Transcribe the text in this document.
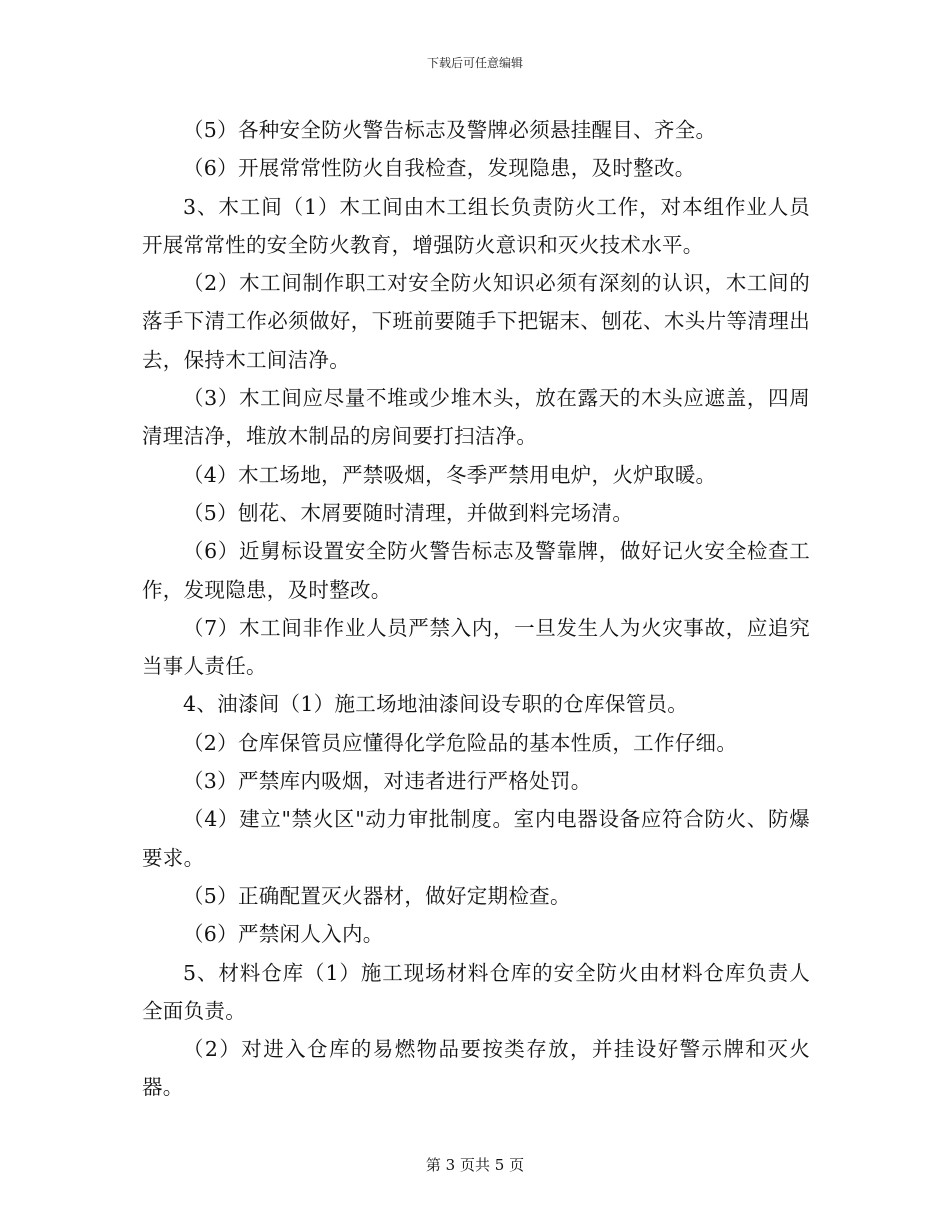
下载后可任意编辑

（5）各种安全防火警告标志及警牌必须悬挂醒目、齐全。

（6）开展常常性防火自我检查，发现隐患，及时整改。

3、木工间（1）木工间由木工组长负责防火工作，对本组作业人员开展常常性的安全防火教育，增强防火意识和灭火技术水平。

（2）木工间制作职工对安全防火知识必须有深刻的认识，木工间的落手下清工作必须做好，下班前要随手下把锯末、刨花、木头片等清理出去，保持木工间洁净。

（3）木工间应尽量不堆或少堆木头，放在露天的木头应遮盖，四周清理洁净，堆放木制品的房间要打扫洁净。

（4）木工场地，严禁吸烟，冬季严禁用电炉，火炉取暖。

（5）刨花、木屑要随时清理，并做到料完场清。

（6）近舅标设置安全防火警告标志及警靠牌，做好记火安全检查工作，发现隐患，及时整改。

（7）木工间非作业人员严禁入内，一旦发生人为火灾事故，应追究当事人责任。

4、油漆间（1）施工场地油漆间设专职的仓库保管员。

（2）仓库保管员应懂得化学危险品的基本性质，工作仔细。

（3）严禁库内吸烟，对违者进行严格处罚。

（4）建立"禁火区"动力审批制度。室内电器设备应符合防火、防爆要求。

（5）正确配置灭火器材，做好定期检查。

（6）严禁闲人入内。

5、材料仓库（1）施工现场材料仓库的安全防火由材料仓库负责人全面负责。

（2）对进入仓库的易燃物品要按类存放，并挂设好警示牌和灭火器。

第 3 页共 5 页
